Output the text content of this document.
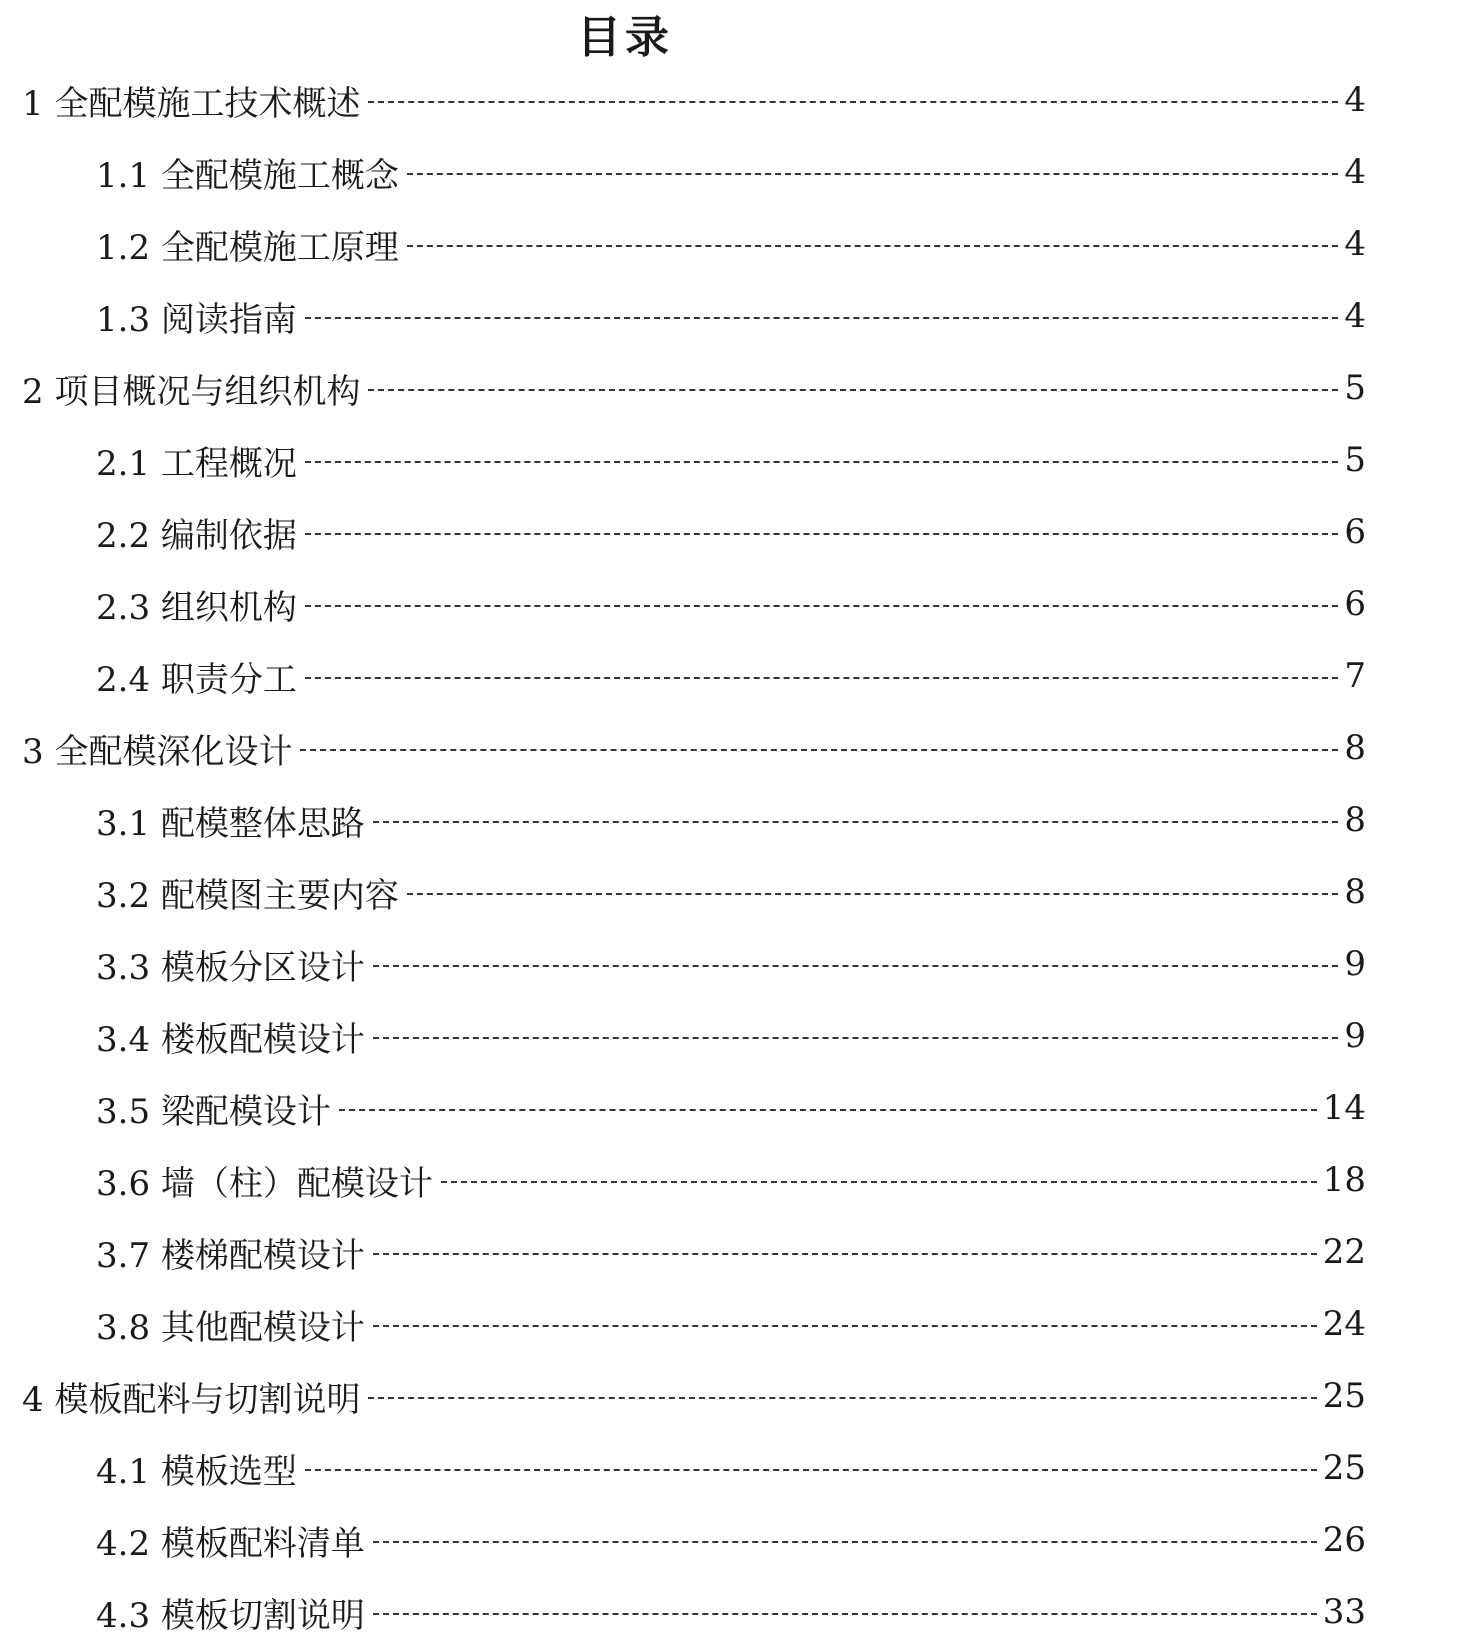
目录
1 全配模施工技术概述	4
1.1 全配模施工概念	4
1.2 全配模施工原理	4
1.3 阅读指南	4
2 项目概况与组织机构	5
2.1 工程概况	5
2.2 编制依据	6
2.3 组织机构	6
2.4 职责分工	7
3 全配模深化设计	8
3.1 配模整体思路	8
3.2 配模图主要内容	8
3.3 模板分区设计	9
3.4 楼板配模设计	9
3.5 梁配模设计	14
3.6 墙（柱）配模设计	18
3.7 楼梯配模设计	22
3.8 其他配模设计	24
4 模板配料与切割说明	25
4.1 模板选型	25
4.2 模板配料清单	26
4.3 模板切割说明	33
